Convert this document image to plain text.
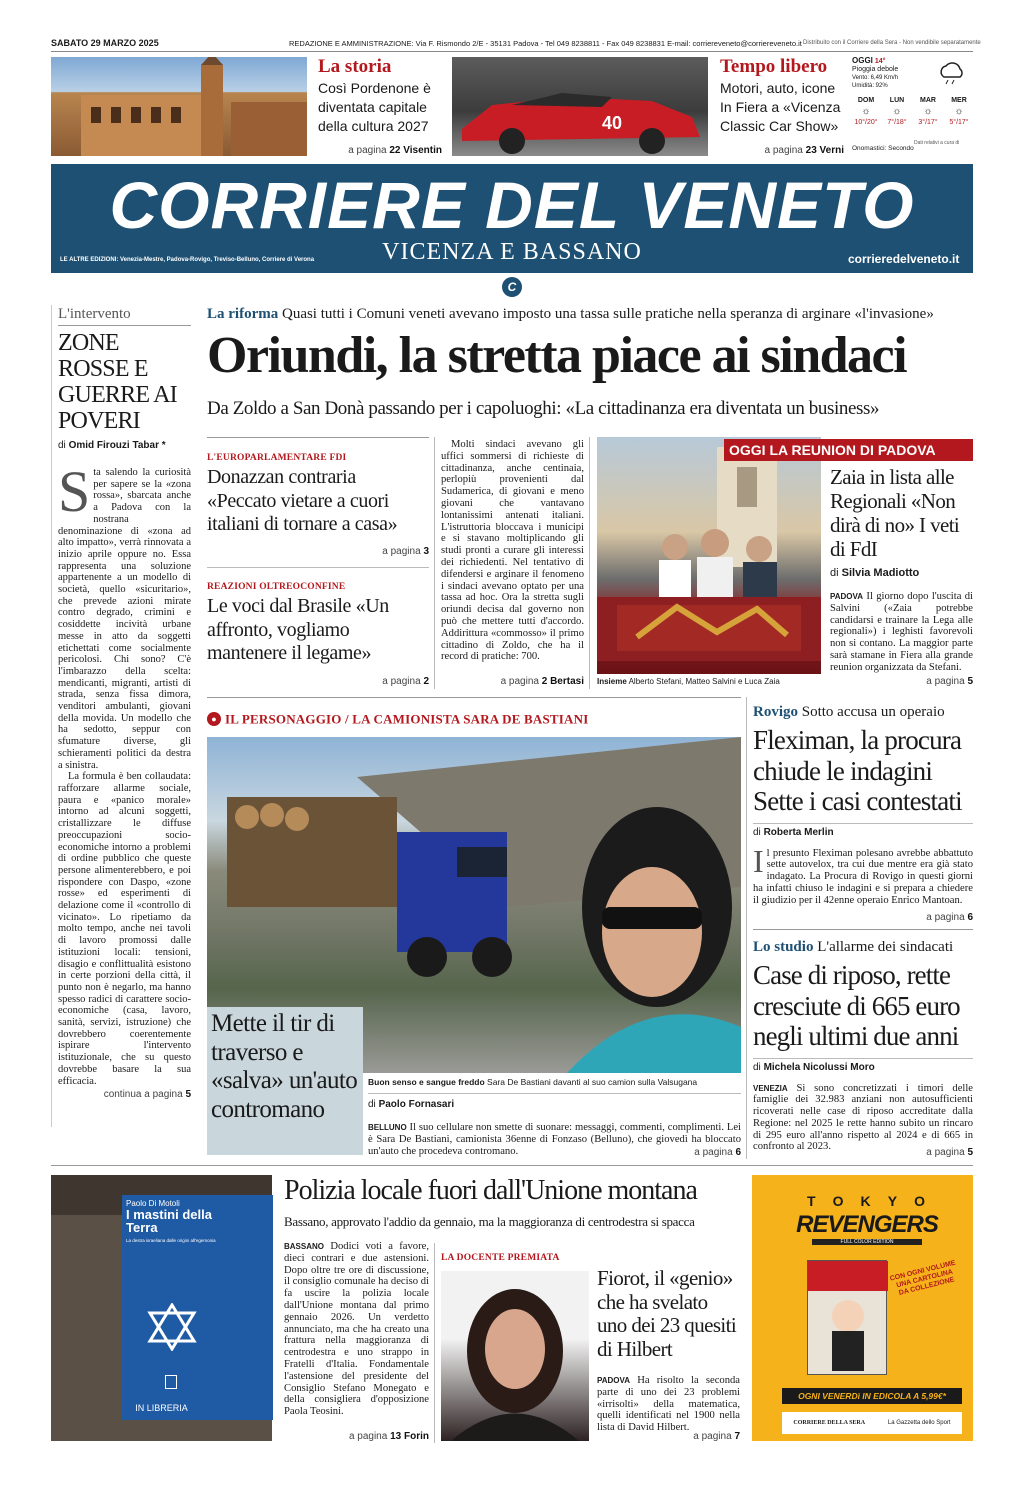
SABATO 29 MARZO 2025	REDAZIONE E AMMINISTRAZIONE: Via F. Rismondo 2/E - 35131 Padova - Tel 049 8238811 - Fax 049 8238831 E-mail: corriereveneto@corriereveneto.it Distribuito con il Corriere della Sera - Non vendibile separatamente
La storia
Così Pordenone è diventata capitale della cultura 2027
a pagina 22 Visentin
40
Tempo libero
Motori, auto, icone In Fiera a «Vicenza Classic Car Show»
a pagina 23 Verni
OGGI 14°
Pioggia debole
Vento: 6,49 Km/h
Umidità: 92%
DOM
☼
10°/20°
LUN
☼
7°/18°
MAR
☼
3°/17°
MER
☼
5°/17°
Dati relativi a cura di
Onomastici: Secondo
CORRIERE DEL VENETO
VICENZA E BASSANO
LE ALTRE EDIZIONI: Venezia-Mestre, Padova-Rovigo, Treviso-Belluno, Corriere di Verona	corrieredelveneto.it
C
L'intervento
ZONE ROSSE E GUERRE AI POVERI
di Omid Firouzi Tabar *
Sta salendo la curiosità per sapere se la «zona rossa», sbarcata anche a Padova con la nostrana denominazione di «zona ad alto impatto», verrà rinnovata a inizio aprile oppure no. Essa rappresenta una soluzione appartenente a un modello di società, quello «sicuritario», che prevede azioni mirate contro degrado, crimini e cosiddette incività urbane messe in atto da soggetti etichettati come socialmente pericolosi. Chi sono? C'è l'imbarazzo della scelta: mendicanti, migranti, artisti di strada, senza fissa dimora, venditori ambulanti, giovani della movida. Un modello che ha sedotto, seppur con sfumature diverse, gli schieramenti politici da destra a sinistra.
La formula è ben collaudata: rafforzare allarme sociale, paura e «panico morale» intorno ad alcuni soggetti, cristallizzare le diffuse preoccupazioni socio-economiche intorno a problemi di ordine pubblico che queste persone alimenterebbero, e poi rispondere con Daspo, «zone rosse» ed esperimenti di delazione come il «controllo di vicinato». Lo ripetiamo da molto tempo, anche nei tavoli di lavoro promossi dalle istituzioni locali: tensioni, disagio e conflittualità esistono in certe porzioni della città, il punto non è negarlo, ma hanno spesso radici di carattere socio-economiche (casa, lavoro, sanità, servizi, istruzione) che dovrebbero coerentemente ispirare l'intervento istituzionale, che su questo dovrebbe basare la sua efficacia.
continua a pagina 5
La riforma Quasi tutti i Comuni veneti avevano imposto una tassa sulle pratiche nella speranza di arginare «l'invasione»
Oriundi, la stretta piace ai sindaci
Da Zoldo a San Donà passando per i capoluoghi: «La cittadinanza era diventata un business»
L'EUROPARLAMENTARE FDI
Donazzan contraria «Peccato vietare a cuori italiani di tornare a casa»
a pagina 3
REAZIONI OLTREOCONFINE
Le voci dal Brasile «Un affronto, vogliamo mantenere il legame»
a pagina 2
Molti sindaci avevano gli uffici sommersi di richieste di cittadinanza, anche centinaia, perlopiù provenienti dal Sudamerica, di giovani e meno giovani che vantavano lontanissimi antenati italiani. L'istruttoria bloccava i municipi e si stavano moltiplicando gli studi pronti a curare gli interessi dei richiedenti. Nel tentativo di difendersi e arginare il fenomeno i sindaci avevano optato per una tassa ad hoc. Ora la stretta sugli oriundi decisa dal governo non può che mettere tutti d'accordo. Addirittura «commosso» il primo cittadino di Zoldo, che ha il record di pratiche: 700.
a pagina 2 Bertasi
OGGI LA REUNION DI PADOVA
Insieme Alberto Stefani, Matteo Salvini e Luca Zaia
Zaia in lista alle Regionali «Non dirà di no» I veti di FdI
di Silvia Madiotto
PADOVA Il giorno dopo l'uscita di Salvini («Zaia potrebbe candidarsi e trainare la Lega alle regionali») i leghisti favorevoli non si contano. La maggior parte sarà stamane in Fiera alla grande reunion organizzata da Stefani.
a pagina 5
● IL PERSONAGGIO / LA CAMIONISTA SARA DE BASTIANI
Mette il tir di traverso e «salva» un'auto contromano
Buon senso e sangue freddo Sara De Bastiani davanti al suo camion sulla Valsugana
di Paolo Fornasari
BELLUNO Il suo cellulare non smette di suonare: messaggi, commenti, complimenti. Lei è Sara De Bastiani, camionista 36enne di Fonzaso (Belluno), che giovedì ha bloccato un'auto che procedeva contromano.	a pagina 6
Rovigo Sotto accusa un operaio
Fleximan, la procura chiude le indagini Sette i casi contestati
di Roberta Merlin
Il presunto Fleximan polesano avrebbe abbattuto sette autovelox, tra cui due mentre era già stato indagato. La Procura di Rovigo in questi giorni ha infatti chiuso le indagini e si prepara a chiedere il giudizio per il 42enne operaio Enrico Mantoan.
a pagina 6
Lo studio L'allarme dei sindacati
Case di riposo, rette cresciute di 665 euro negli ultimi due anni
di Michela Nicolussi Moro
VENEZIA Si sono concretizzati i timori delle famiglie dei 32.983 anziani non autosufficienti ricoverati nelle case di riposo accreditate dalla Regione: nel 2025 le rette hanno subito un rincaro di 295 euro all'anno rispetto al 2024 e di 665 in confronto al 2023.
a pagina 5
Paolo Di Motoli
I mastini della Terra
La destra israeliana dalle origini all'egemonia
IN LIBRERIA
Polizia locale fuori dall'Unione montana
Bassano, approvato l'addio da gennaio, ma la maggioranza di centrodestra si spacca
BASSANO Dodici voti a favore, dieci contrari e due astensioni. Dopo oltre tre ore di discussione, il consiglio comunale ha deciso di fa uscire la polizia locale dall'Unione montana dal primo gennaio 2026. Un verdetto annunciato, ma che ha creato una frattura nella maggioranza di centrodestra e uno strappo in Fratelli d'Italia. Fondamentale l'astensione del presidente del Consiglio Stefano Monegato e della consigliera d'opposizione Paola Teosini.
a pagina 13 Forin
LA DOCENTE PREMIATA
Fiorot, il «genio» che ha svelato uno dei 23 quesiti di Hilbert
PADOVA Ha risolto la seconda parte di uno dei 23 problemi «irrisolti» della matematica, quelli identificati nel 1900 nella lista di David Hilbert.
a pagina 7
T O K Y O
REVENGERS
FULL COLOR EDITION
CON OGNI VOLUME UNA CARTOLINA DA COLLEZIONE
OGNI VENERDì IN EDICOLA A 5,99€*
CORRIERE DELLA SERA	La Gazzetta dello Sport
